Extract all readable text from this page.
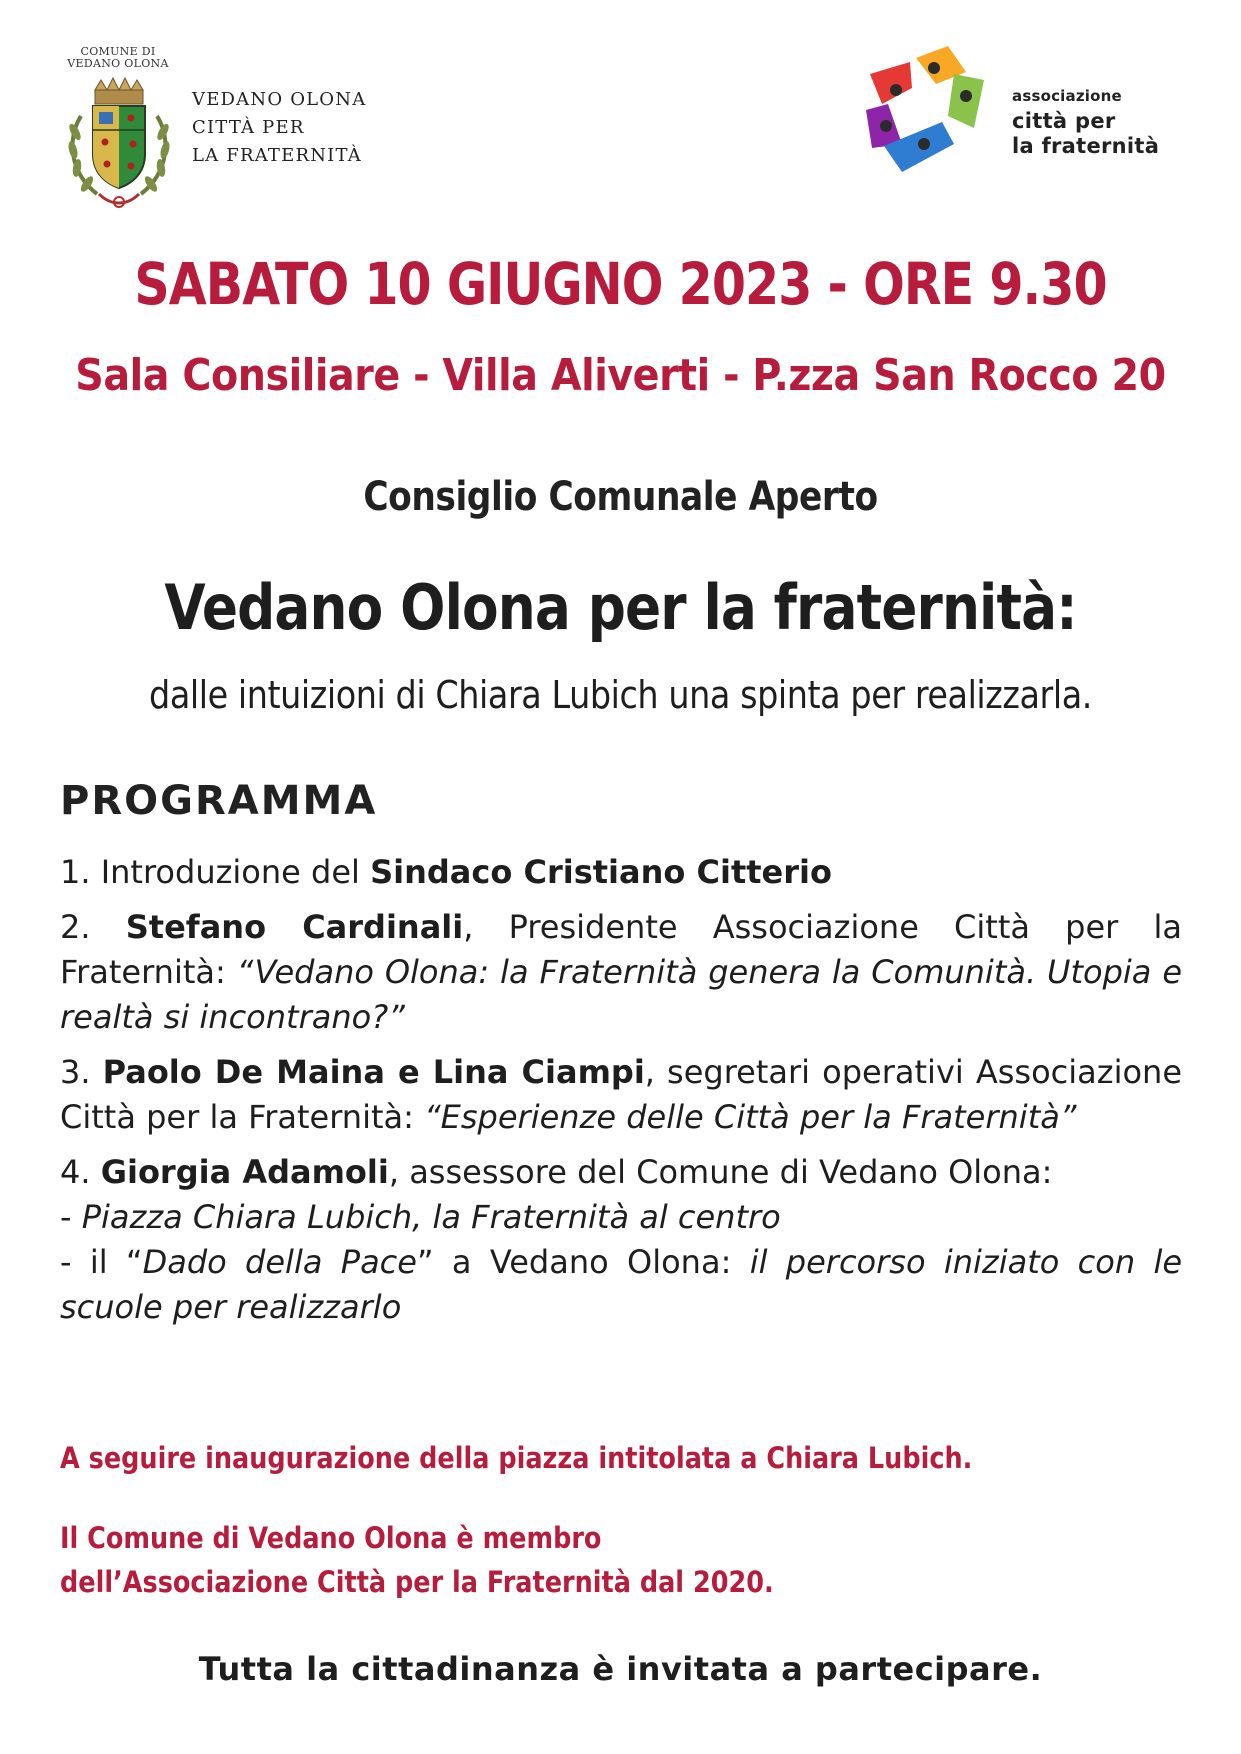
COMUNE DI
VEDANO OLONA
VEDANO OLONA
CITTÀ PER
LA FRATERNITÀ
associazione
città per
la fraternità
SABATO 10 GIUGNO 2023 - ORE 9.30
Sala Consiliare - Villa Aliverti - P.zza San Rocco 20
Consiglio Comunale Aperto
Vedano Olona per la fraternità:
dalle intuizioni di Chiara Lubich una spinta per realizzarla.
PROGRAMMA
1. Introduzione del Sindaco Cristiano Citterio
2. Stefano Cardinali, Presidente Associazione Città per la Fraternità: “Vedano Olona: la Fraternità genera la Comunità. Utopia e realtà si incontrano?”
3. Paolo De Maina e Lina Ciampi, segretari operativi Associazione Città per la Fraternità: “Esperienze delle Città per la Fraternità”
4. Giorgia Adamoli, assessore del Comune di Vedano Olona:
- Piazza Chiara Lubich, la Fraternità al centro
- il “Dado della Pace” a Vedano Olona: il percorso iniziato con le scuole per realizzarlo
A seguire inaugurazione della piazza intitolata a Chiara Lubich.
Il Comune di Vedano Olona è membro
dell’Associazione Città per la Fraternità dal 2020.
Tutta la cittadinanza è invitata a partecipare.
